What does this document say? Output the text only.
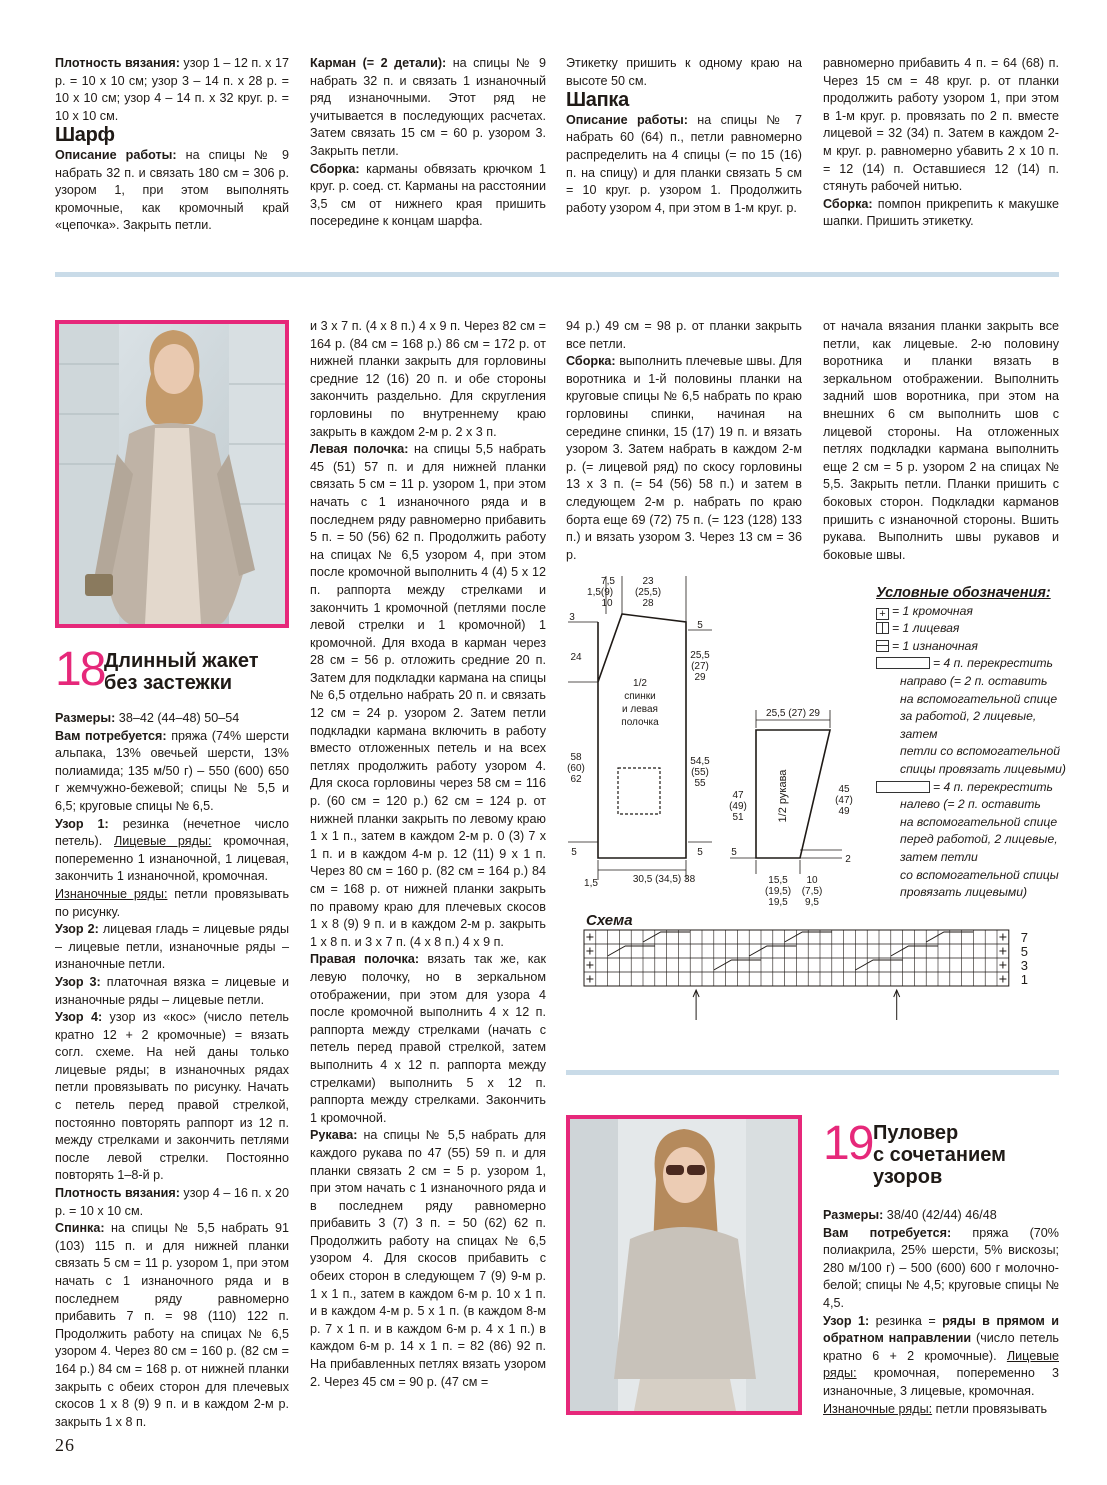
Плотность вязания: узор 1 – 12 п. х 17 р. = 10 х 10 см; узор 3 – 14 п. х 28 р. = 10 х 10 см; узор 4 – 14 п. х 32 круг. р. = 10 х 10 см.

Шарф

Описание работы: на спицы № 9 набрать 32 п. и связать 180 см = 306 р. узором 1, при этом выполнять кромочные, как кромочный край «цепочка». Закрыть петли.

Карман (= 2 детали): на спицы № 9 набрать 32 п. и связать 1 изнаночный ряд изнаночными. Этот ряд не учитывается в последующих расчетах. Затем связать 15 см = 60 р. узором 3. Закрыть петли.

Сборка: карманы обвязать крючком 1 круг. р. соед. ст. Карманы на расстоянии 3,5 см от нижнего края пришить посередине к концам шарфа.

Этикетку пришить к одному краю на высоте 50 см.

Шапка

Описание работы: на спицы № 7 набрать 60 (64) п., петли равномерно распределить на 4 спицы (= по 15 (16) п. на спицу) и для планки связать 5 см = 10 круг. р. узором 1. Продолжить работу узором 4, при этом в 1-м круг. р.

равномерно прибавить 4 п. = 64 (68) п. Через 15 см = 48 круг. р. от планки продолжить работу узором 1, при этом в 1-м круг. р. провязать по 2 п. вместе лицевой = 32 (34) п. Затем в каждом 2-м круг. р. равномерно убавить 2 х 10 п. = 12 (14) п. Оставшиеся 12 (14) п. стянуть рабочей нитью.

Сборка: помпон прикрепить к макушке шапки. Пришить этикетку.

18 Длинный жакет
без застежки

Размеры: 38–42 (44–48) 50–54

Вам потребуется: пряжа (74% шерсти альпака, 13% овечьей шерсти, 13% полиамида; 135 м/50 г) – 550 (600) 650 г жемчужно-бежевой; спицы № 5,5 и 6,5; круговые спицы № 6,5.

Узор 1: резинка (нечетное число петель). Лицевые ряды: кромочная, попеременно 1 изнаночной, 1 лицевая, закончить 1 изнаночной, кромочная.

Изнаночные ряды: петли провязывать по рисунку.

Узор 2: лицевая гладь = лицевые ряды – лицевые петли, изнаночные ряды – изнаночные петли.

Узор 3: платочная вязка = лицевые и изнаночные ряды – лицевые петли.

Узор 4: узор из «кос» (число петель кратно 12 + 2 кромочные) = вязать согл. схеме. На ней даны только лицевые ряды; в изнаночных рядах петли провязывать по рисунку. Начать с петель перед правой стрелкой, постоянно повторять раппорт из 12 п. между стрелками и закончить петлями после левой стрелки. Постоянно повторять 1–8-й р.

Плотность вязания: узор 4 – 16 п. х 20 р. = 10 х 10 см.

Спинка: на спицы № 5,5 набрать 91 (103) 115 п. и для нижней планки связать 5 см = 11 р. узором 1, при этом начать с 1 изнаночного ряда и в последнем ряду равномерно прибавить 7 п. = 98 (110) 122 п. Продолжить работу на спицах № 6,5 узором 4. Через 80 см = 160 р. (82 см = 164 р.) 84 см = 168 р. от нижней планки закрыть с обеих сторон для плечевых скосов 1 х 8 (9) 9 п. и в каждом 2-м р. закрыть 1 х 8 п.

и 3 х 7 п. (4 х 8 п.) 4 х 9 п. Через 82 см = 164 р. (84 см = 168 р.) 86 см = 172 р. от нижней планки закрыть для горловины средние 12 (16) 20 п. и обе стороны закончить раздельно. Для скругления горловины по внутреннему краю закрыть в каждом 2-м р. 2 х 3 п.

Левая полочка: на спицы 5,5 набрать 45 (51) 57 п. и для нижней планки связать 5 см = 11 р. узором 1, при этом начать с 1 изнаночного ряда и в последнем ряду равномерно прибавить 5 п. = 50 (56) 62 п. Продолжить работу на спицах № 6,5 узором 4, при этом после кромочной выполнить 4 (4) 5 х 12 п. раппорта между стрелками и закончить 1 кромочной (петлями после левой стрелки и 1 кромочной) 1 кромочной. Для входа в карман через 28 см = 56 р. отложить средние 20 п. Затем для подкладки кармана на спицы № 6,5 отдельно набрать 20 п. и связать 12 см = 24 р. узором 2. Затем петли подкладки кармана включить в работу вместо отложенных петель и на всех петлях продолжить работу узором 4. Для скоса горловины через 58 см = 116 р. (60 см = 120 р.) 62 см = 124 р. от нижней планки закрыть по левому краю 1 х 1 п., затем в каждом 2-м р. 0 (3) 7 х 1 п. и в каждом 4-м р. 12 (11) 9 х 1 п. Через 80 см = 160 р. (82 см = 164 р.) 84 см = 168 р. от нижней планки закрыть по правому краю для плечевых скосов 1 х 8 (9) 9 п. и в каждом 2-м р. закрыть 1 х 8 п. и 3 х 7 п. (4 х 8 п.) 4 х 9 п.

Правая полочка: вязать так же, как левую полочку, но в зеркальном отображении, при этом для узора 4 после кромочной выполнить 4 х 12 п. раппорта между стрелками (начать с петель перед правой стрелкой, затем выполнить 4 х 12 п. раппорта между стрелками) выполнить 5 х 12 п. раппорта между стрелками. Закончить 1 кромочной.

Рукава: на спицы № 5,5 набрать для каждого рукава по 47 (55) 59 п. и для планки связать 2 см = 5 р. узором 1, при этом начать с 1 изнаночного ряда и в последнем ряду равномерно прибавить 3 (7) 3 п. = 50 (62) 62 п. Продолжить работу на спицах № 6,5 узором 4. Для скосов прибавить с обеих сторон в следующем 7 (9) 9-м р. 1 х 1 п., затем в каждом 6-м р. 10 х 1 п. и в каждом 4-м р. 5 х 1 п. (в каждом 8-м р. 7 х 1 п. и в каждом 6-м р. 4 х 1 п.) в каждом 6-м р. 14 х 1 п. = 82 (86) 92 п. На прибавленных петлях вязать узором 2. Через 45 см = 90 р. (47 см =

94 р.) 49 см = 98 р. от планки закрыть все петли.

Сборка: выполнить плечевые швы. Для воротника и 1-й половины планки на круговые спицы № 6,5 набрать по краю горловины спинки, начиная на середине спинки, 15 (17) 19 п. и вязать узором 3. Затем набрать в каждом 2-м р. (= лицевой ряд) по скосу горловины 13 х 3 п. (= 54 (56) 58 п.) и затем в следующем 2-м р. набрать по краю борта еще 69 (72) 75 п. (= 123 (128) 133 п.) и вязать узором 3. Через 13 см = 36 р.

от начала вязания планки закрыть все петли, как лицевые. 2-ю половину воротника и планки вязать в зеркальном отображении. Выполнить задний шов воротника, при этом на внешних 6 см выполнить шов с лицевой стороны. На отложенных петлях подкладки кармана выполнить еще 2 см = 5 р. узором 2 на спицах № 5,5. Закрыть петли. Планки пришить с боковых сторон. Подкладки карманов пришить с изнаночной стороны. Вшить рукава. Выполнить швы рукавов и боковые швы.

7,5
1,5 (9)
10
23
(25,5)
28
3
5
24	25,5
(27)
29
1/2
спинки
и левая
полочка
58
(60)
62
54,5
(55)
55
5	5
1,5	30,5 (34,5) 38
25,5 (27) 29
47
(49)
51
45
(47)
49
5
2
15,5
(19,5)
19,5
10
(7,5)
9,5
1/2 рукава
Условные обозначения:
+ = 1 кромочная
= 1 лицевая
= 1 изнаночная
= 4 п. перекрестить
направо (= 2 п. оставить
на вспомогательной спице
за работой, 2 лицевые, затем
петли со вспомогательной
спицы провязать лицевыми)
= 4 п. перекрестить
налево (= 2 п. оставить
на вспомогательной спице
перед работой, 2 лицевые,
затем петли
со вспомогательной спицы
провязать лицевыми)
Схема
7
5
3
1
19 Пуловер
с сочетанием
узоров

Размеры: 38/40 (42/44) 46/48

Вам потребуется: пряжа (70% полиакрила, 25% шерсти, 5% вискозы; 280 м/100 г) – 500 (600) 600 г молочно-белой; спицы № 4,5; круговые спицы № 4,5.

Узор 1: резинка = ряды в прямом и обратном направлении (число петель кратно 6 + 2 кромочные). Лицевые ряды: кромочная, попеременно 3 изнаночные, 3 лицевые, кромочная.

Изнаночные ряды: петли провязывать

26
